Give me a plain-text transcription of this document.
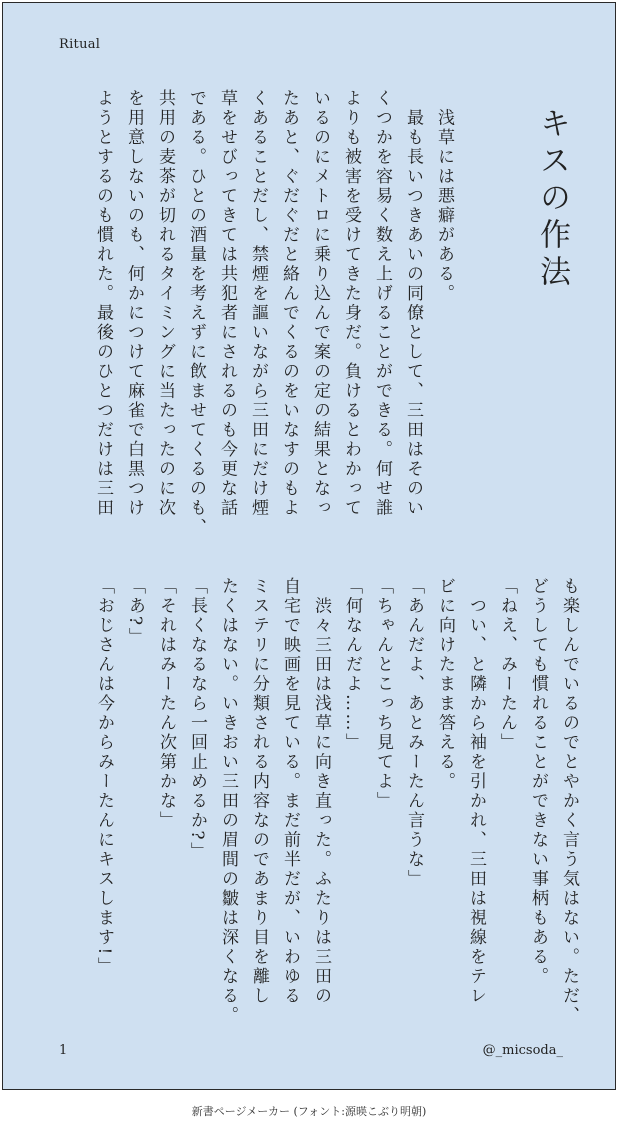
Ritual
キスの作法
　浅草には悪癖がある。
　最も長いつきあいの同僚として、三田はそのい
くつかを容易く数え上げることができる。何せ誰
よりも被害を受けてきた身だ。負けるとわかって
いるのにメトロに乗り込んで案の定の結果となっ
たあと、ぐだぐだと絡んでくるのをいなすのもよ
くあることだし、禁煙を謳いながら三田にだけ煙
草をせびってきては共犯者にされるのも今更な話
である。ひとの酒量を考えずに飲ませてくるのも、
共用の麦茶が切れるタイミングに当たったのに次
を用意しないのも、何かにつけて麻雀で白黒つけ
ようとするのも慣れた。最後のひとつだけは三田
も楽しんでいるのでとやかく言う気はない。ただ、
どうしても慣れることができない事柄もある。
「ねえ、みーたん」
　つい、と隣から袖を引かれ、三田は視線をテレ
ビに向けたまま答える。
「あんだよ、あとみーたん言うな」
「ちゃんとこっち見てよ」
「何なんだよ……」
　渋々三田は浅草に向き直った。ふたりは三田の
自宅で映画を見ている。まだ前半だが、いわゆる
ミステリに分類される内容なのであまり目を離し
たくはない。いきおい三田の眉間の皺は深くなる。
「長くなるなら一回止めるか?」
「それはみーたん次第かな」
「あ?」
「おじさんは今からみーたんにキスします!」
1	@_micsoda_
新書ページメーカー (フォント:源暎こぶり明朝)
